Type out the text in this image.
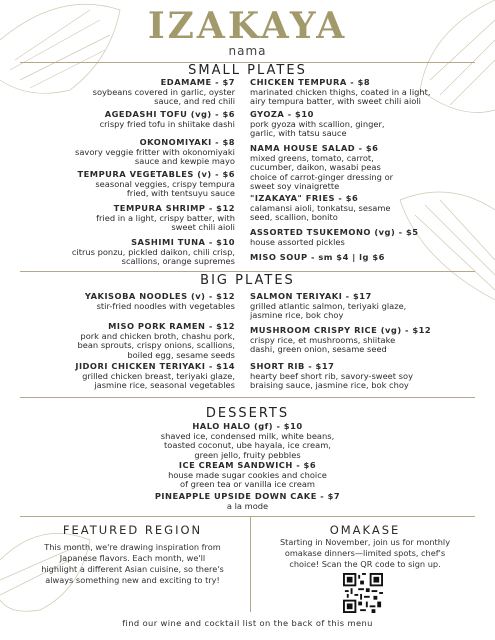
IZAKAYA
nama
SMALL PLATES
EDAMAME - $7
soybeans covered in garlic, oyster
sauce, and red chili
AGEDASHI TOFU (vg) - $6
crispy fried tofu in shiitake dashi
OKONOMIYAKI - $8
savory veggie fritter with okonomiyaki
sauce and kewpie mayo
TEMPURA VEGETABLES (v) - $6
seasonal veggies, crispy tempura
fried, with tentsuyu sauce
TEMPURA SHRIMP - $12
fried in a light, crispy batter, with
sweet chili aioli
SASHIMI TUNA - $10
citrus ponzu, pickled daikon, chili crisp,
scallions, orange supremes
CHICKEN TEMPURA - $8
marinated chicken thighs, coated in a light,
airy tempura batter, with sweet chili aioli
GYOZA - $10
pork gyoza with scallion, ginger,
garlic, with tatsu sauce
NAMA HOUSE SALAD - $6
mixed greens, tomato, carrot,
cucumber, daikon, wasabi peas
choice of carrot-ginger dressing or
sweet soy vinaigrette
"IZAKAYA" FRIES - $6
calamansi aioli, tonkatsu, sesame
seed, scallion, bonito
ASSORTED TSUKEMONO (vg) - $5
house assorted pickles
MISO SOUP - sm $4 | lg $6
BIG PLATES
YAKISOBA NOODLES (v) - $12
stir-fried noodles with vegetables
MISO PORK RAMEN - $12
pork and chicken broth, chashu pork,
bean sprouts, crispy onions, scallions,
boiled egg, sesame seeds
JIDORI CHICKEN TERIYAKI - $14
grilled chicken breast, teriyaki glaze,
jasmine rice, seasonal vegetables
SALMON TERIYAKI - $17
grilled atlantic salmon, teriyaki glaze,
jasmine rice, bok choy
MUSHROOM CRISPY RICE (vg) - $12
crispy rice, et mushrooms, shiitake
dashi, green onion, sesame seed
SHORT RIB - $17
hearty beef short rib, savory-sweet soy
braising sauce, jasmine rice, bok choy
DESSERTS
HALO HALO (gf) - $10
shaved ice, condensed milk, white beans,
toasted coconut, ube hayala, ice cream,
green jello, fruity pebbles
ICE CREAM SANDWICH - $6
house made sugar cookies and choice
of green tea or vanilla ice cream
PINEAPPLE UPSIDE DOWN CAKE - $7
a la mode
FEATURED REGION
This month, we're drawing inspiration from
Japanese flavors. Each month, we'll
highlight a different Asian cuisine, so there's
always something new and exciting to try!
OMAKASE
Starting in November, join us for monthly
omakase dinners—limited spots, chef's
choice! Scan the QR code to sign up.
find our wine and cocktail list on the back of this menu
